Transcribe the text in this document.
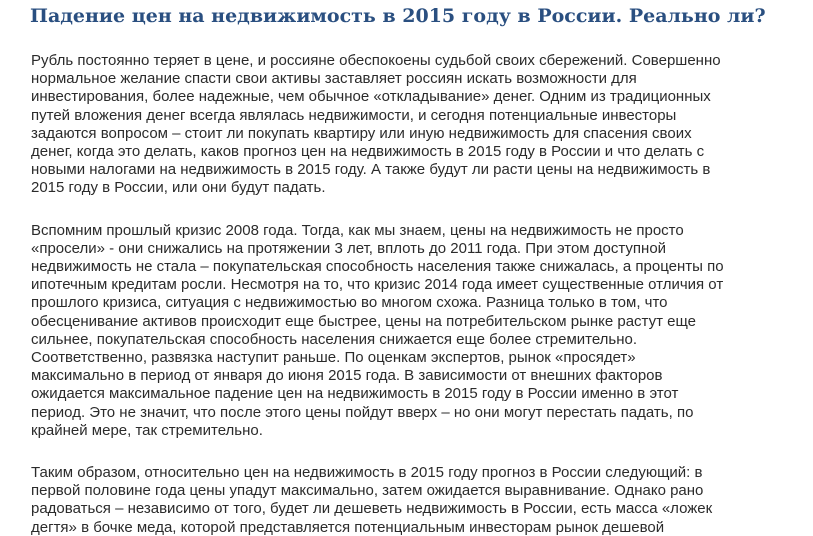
Падение цен на недвижимость в 2015 году в России. Реально ли?

Рубль постоянно теряет в цене, и россияне обеспокоены судьбой своих сбережений. Совершенно
нормальное желание спасти свои активы заставляет россиян искать возможности для
инвестирования, более надежные, чем обычное «откладывание» денег. Одним из традиционных
путей вложения денег всегда являлась недвижимости, и сегодня потенциальные инвесторы
задаются вопросом – стоит ли покупать квартиру или иную недвижимость для спасения своих
денег, когда это делать, каков прогноз цен на недвижимость в 2015 году в России и что делать с
новыми налогами на недвижимость в 2015 году. А также будут ли расти цены на недвижимость в
2015 году в России, или они будут падать.

Вспомним прошлый кризис 2008 года. Тогда, как мы знаем, цены на недвижимость не просто
«просели» - они снижались на протяжении 3 лет, вплоть до 2011 года. При этом доступной
недвижимость не стала – покупательская способность населения также снижалась, а проценты по
ипотечным кредитам росли. Несмотря на то, что кризис 2014 года имеет существенные отличия от
прошлого кризиса, ситуация с недвижимостью во многом схожа. Разница только в том, что
обесценивание активов происходит еще быстрее, цены на потребительском рынке растут еще
сильнее, покупательская способность населения снижается еще более стремительно.
Соответственно, развязка наступит раньше. По оценкам экспертов, рынок «просядет»
максимально в период от января до июня 2015 года. В зависимости от внешних факторов
ожидается максимальное падение цен на недвижимость в 2015 году в России именно в этот
период. Это не значит, что после этого цены пойдут вверх – но они могут перестать падать, по
крайней мере, так стремительно.

Таким образом, относительно цен на недвижимость в 2015 году прогноз в России следующий: в
первой половине года цены упадут максимально, затем ожидается выравнивание. Однако рано
радоваться – независимо от того, будет ли дешеветь недвижимость в России, есть масса «ложек
дегтя» в бочке меда, которой представляется потенциальным инвесторам рынок дешевой
